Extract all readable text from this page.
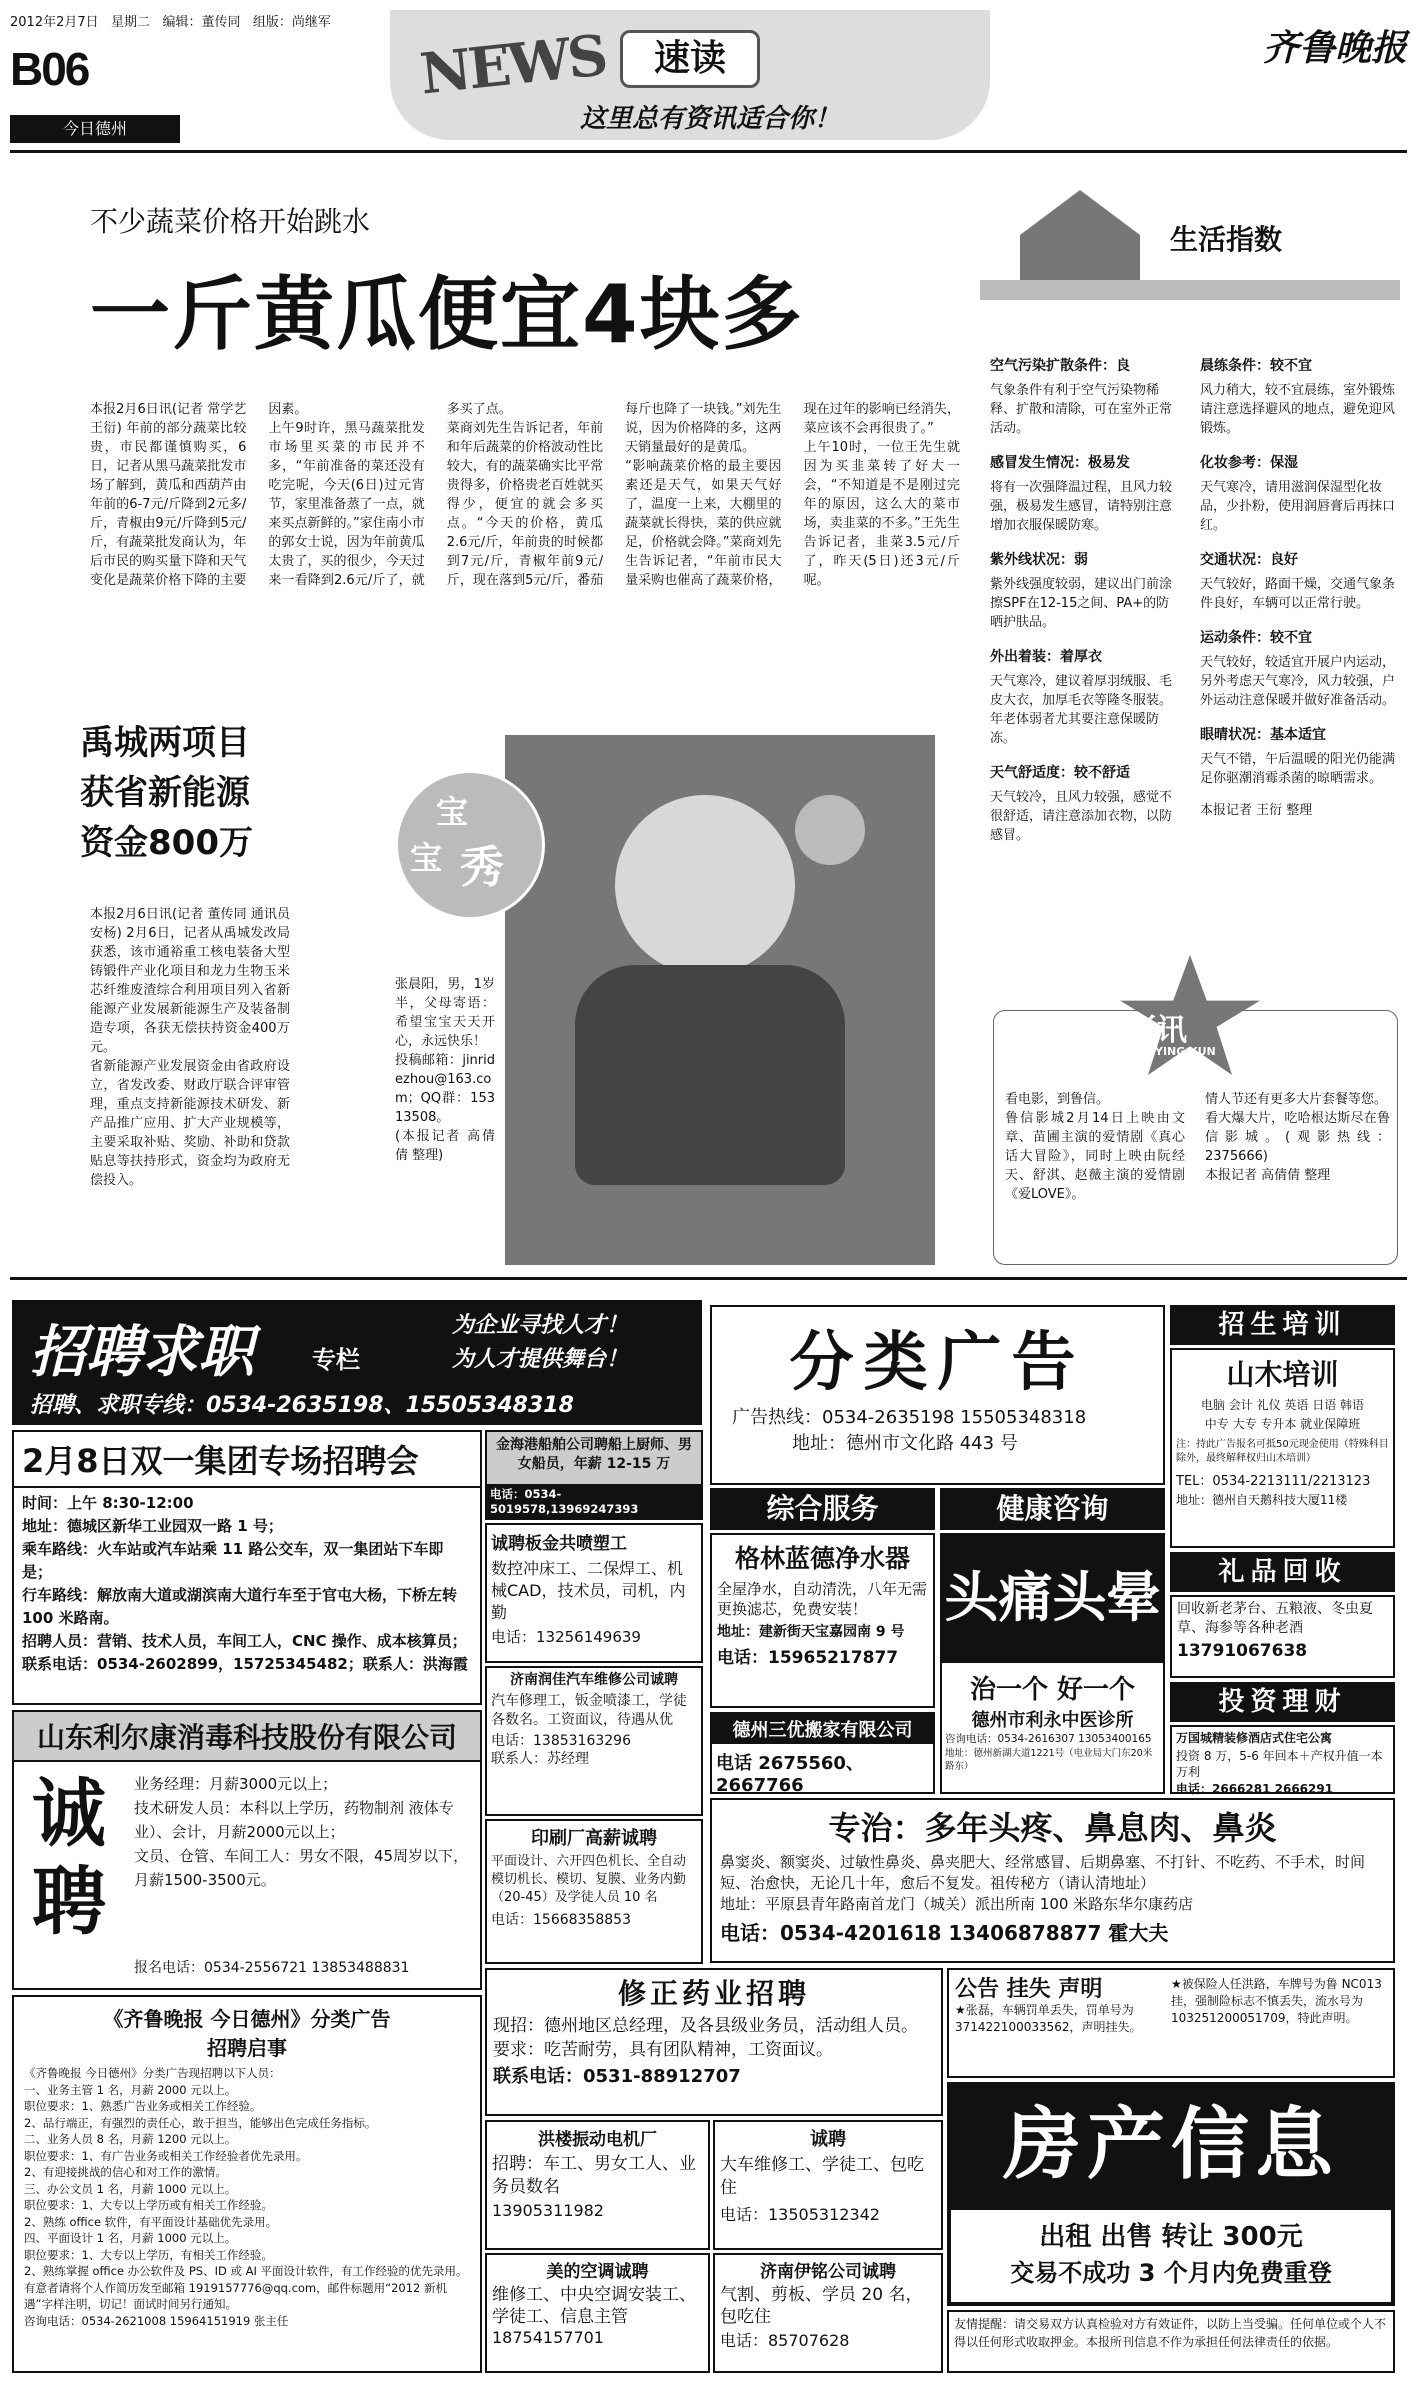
2012年2月7日 星期二 编辑：董传同 组版：尚继军
B06
今日德州
NEWS	速读
这里总有资讯适合你！
齐鲁晚报
不少蔬菜价格开始跳水
一斤黄瓜便宜4块多
本报2月6日讯(记者 常学艺 王衍) 年前的部分蔬菜比较贵，市民都谨慎购买，6日，记者从黑马蔬菜批发市场了解到，黄瓜和西葫芦由年前的6-7元/斤降到2元多/斤，青椒由9元/斤降到5元/斤，有蔬菜批发商认为，年后市民的购买量下降和天气变化是蔬菜价格下降的主要因素。
上午9时许，黑马蔬菜批发市场里买菜的市民并不多，“年前准备的菜还没有吃完呢，今天(6日)过元宵节，家里准备蒸了一点，就来买点新鲜的。”家住南小市的郭女士说，因为年前黄瓜太贵了，买的很少，今天过来一看降到2.6元/斤了，就多买了点。
菜商刘先生告诉记者，年前和年后蔬菜的价格波动性比较大，有的蔬菜确实比平常贵得多，价格贵老百姓就买得少，便宜的就会多买点。“今天的价格，黄瓜2.6元/斤，年前贵的时候都到7元/斤，青椒年前9元/斤，现在落到5元/斤，番茄每斤也降了一块钱。”刘先生说，因为价格降的多，这两天销量最好的是黄瓜。
“影响蔬菜价格的最主要因素还是天气，如果天气好了，温度一上来，大棚里的蔬菜就长得快，菜的供应就足，价格就会降。”菜商刘先生告诉记者，“年前市民大量采购也催高了蔬菜价格，现在过年的影响已经消失，菜应该不会再很贵了。”
上午10时，一位王先生就因为买韭菜转了好大一会，“不知道是不是刚过完年的原因，这么大的菜市场，卖韭菜的不多。”王先生告诉记者，韭菜3.5元/斤了，昨天(5日)还3元/斤呢。
禹城两项目
获省新能源
资金800万
本报2月6日讯(记者 董传同 通讯员 安杨) 2月6日，记者从禹城发改局获悉，该市通裕重工核电装备大型铸锻件产业化项目和龙力生物玉米芯纤维废渣综合利用项目列入省新能源产业发展新能源生产及装备制造专项，各获无偿扶持资金400万元。
省新能源产业发展资金由省政府设立，省发改委、财政厅联合评审管理，重点支持新能源技术研发、新产品推广应用、扩大产业规模等，主要采取补贴、奖励、补助和贷款贴息等扶持形式，资金均为政府无偿投入。
宝
宝 秀
张晨阳，男，1岁半，父母寄语：希望宝宝天天开心，永远快乐！
投稿邮箱：jinridezhou@163.com；QQ群：15313508。
(本报记者 高倩倩 整理)
生活指数
空气污染扩散条件：良
气象条件有利于空气污染物稀释、扩散和清除，可在室外正常活动。
感冒发生情况：极易发
将有一次强降温过程，且风力较强，极易发生感冒，请特别注意增加衣服保暖防寒。
紫外线状况：弱
紫外线强度较弱，建议出门前涂擦SPF在12-15之间、PA+的防晒护肤品。
外出着装：着厚衣
天气寒冷，建议着厚羽绒服、毛皮大衣，加厚毛衣等隆冬服装。年老体弱者尤其要注意保暖防冻。
天气舒适度：较不舒适
天气较冷，且风力较强，感觉不很舒适，请注意添加衣物，以防感冒。
晨练条件：较不宜
风力稍大，较不宜晨练，室外锻炼请注意选择避风的地点，避免迎风锻炼。
化妆参考：保湿
天气寒冷，请用滋润保湿型化妆品，少扑粉，使用润唇膏后再抹口红。
交通状况：良好
天气较好，路面干燥，交通气象条件良好，车辆可以正常行驶。
运动条件：较不宜
天气较好，较适宜开展户内运动，另外考虑天气寒冷，风力较强，户外运动注意保暖并做好准备活动。
眼晴状况：基本适宜
天气不错，午后温暖的阳光仍能满足你驱潮消霉杀菌的晾晒需求。
本报记者 王衍 整理
影讯
YING XUN
看电影，到鲁信。
鲁信影城2月14日上映由文章、苗圃主演的爱情剧《真心话大冒险》，同时上映由阮经天、舒淇、赵薇主演的爱情剧《爱LOVE》。
情人节还有更多大片套餐等您。
看大爆大片，吃哈根达斯尽在鲁信影城。(观影热线：2375666)
本报记者 高倩倩 整理
招聘求职 专栏
为企业寻找人才！
为人才提供舞台！
招聘、求职专线：0534-2635198、15505348318
2月8日双一集团专场招聘会
时间：上午 8:30-12:00
地址：德城区新华工业园双一路 1 号；
乘车路线：火车站或汽车站乘 11 路公交车，双一集团站下车即是；
行车路线：解放南大道或湖滨南大道行车至于官屯大杨，下桥左转 100 米路南。
招聘人员：营销、技术人员，车间工人，CNC 操作、成本核算员；
联系电话：0534-2602899，15725345482；联系人：洪海霞
山东利尔康消毒科技股份有限公司
诚
聘
业务经理：月薪3000元以上；
技术研发人员：本科以上学历，药物制剂 液体专业）、会计，月薪2000元以上；
文员、仓管、车间工人：男女不限，45周岁以下，月薪1500-3500元。
报名电话：0534-2556721 13853488831
《齐鲁晚报 今日德州》分类广告
招聘启事
《齐鲁晚报 今日德州》分类广告现招聘以下人员：
一、业务主管 1 名，月薪 2000 元以上。
职位要求：1、熟悉广告业务或相关工作经验。
2、品行端正，有强烈的责任心，敢于担当，能够出色完成任务指标。
二、业务人员 8 名，月薪 1200 元以上。
职位要求：1、有广告业务或相关工作经验者优先录用。
2、有迎接挑战的信心和对工作的激情。
三、办公文员 1 名，月薪 1000 元以上。
职位要求：1、大专以上学历或有相关工作经验。
2、熟练 office 软件，有平面设计基础优先录用。
四、平面设计 1 名，月薪 1000 元以上。
职位要求：1、大专以上学历，有相关工作经验。
2、熟练掌握 office 办公软件及 PS、ID 或 AI 平面设计软件，有工作经验的优先录用。有意者请将个人作简历发至邮箱 1919157776@qq.com，邮件标题用“2012 新机遇”字样注明，切记！面试时间另行通知。
咨询电话：0534-2621008 15964151919 张主任
金海港船舶公司聘船上厨师、男女船员，年薪 12-15 万
电话：0534-5019578,13969247393
诚聘板金共喷塑工
数控冲床工、二保焊工、机械CAD，技术员，司机，内勤
电话：13256149639
济南润佳汽车维修公司诚聘
汽车修理工，钣金喷漆工，学徒各数名。工资面议，待遇从优
电话：13853163296
联系人：苏经理
印刷厂高薪诚聘
平面设计、六开四色机长、全自动模切机长、模切、复膜、业务内勤（20-45）及学徒人员 10 名
电话：15668358853
修正药业招聘
现招：德州地区总经理，及各县级业务员，活动组人员。
要求：吃苦耐劳，具有团队精神，工资面议。
联系电话：0531-88912707
洪楼振动电机厂
招聘：车工、男女工人、业务员数名
13905311982
诚聘
大车维修工、学徒工、包吃住
电话：13505312342
美的空调诚聘
维修工、中央空调安装工、学徒工、信息主管
18754157701
济南伊铭公司诚聘
气割、剪板、学员 20 名，包吃住
电话：85707628
分类广告
广告热线：0534-2635198 15505348318
地址：德州市文化路 443 号
综合服务	健康咨询
格林蓝德净水器
全屋净水，自动清洗，八年无需更换滤芯，免费安装！
地址：建新街天宝嘉园南 9 号
电话：15965217877
德州三优搬家有限公司
电话 2675560、2667766
头痛头晕
治一个 好一个
德州市利永中医诊所
咨询电话：0534-2616307 13053400165
地址：德州新湖大道1221号（电业局大门东20米路东）
专治：多年头疼、鼻息肉、鼻炎
鼻窦炎、额窦炎、过敏性鼻炎、鼻夹肥大、经常感冒、后期鼻塞、不打针、不吃药、不手术，时间短、治愈快，无论几十年，愈后不复发。祖传秘方（请认清地址）
地址：平原县青年路南首龙门（城关）派出所南 100 米路东华尔康药店
电话：0534-4201618 13406878877 霍大夫
公告 挂失 声明
★张磊，车辆罚单丢失，罚单号为 371422100033562，声明挂失。
★被保险人任洪路，车牌号为鲁 NC013 挂，强制险标志不慎丢失，流水号为 103251200051709，特此声明。
房产信息
出租 出售 转让 300元
交易不成功 3 个月内免费重登
友情提醒：请交易双方认真检验对方有效证件，以防上当受骗。任何单位或个人不得以任何形式收取押金。本报所刊信息不作为承担任何法律责任的依据。
招生培训
山木培训
电脑 会计 礼仪 英语 日语 韩语
中专 大专 专升本 就业保障班
注：持此广告报名可抵50元现金使用（特殊科目除外，最终解释权归山木培训）
TEL：0534-2213111/2213123
地址：德州自天鹅科技大厦11楼
礼品回收
回收新老茅台、五粮液、冬虫夏草、海参等各种老酒
13791067638
投资理财
万国城精装修酒店式住宅公寓
投资 8 万，5-6 年回本＋产权升值一本万利
电话：2666281 2666291
